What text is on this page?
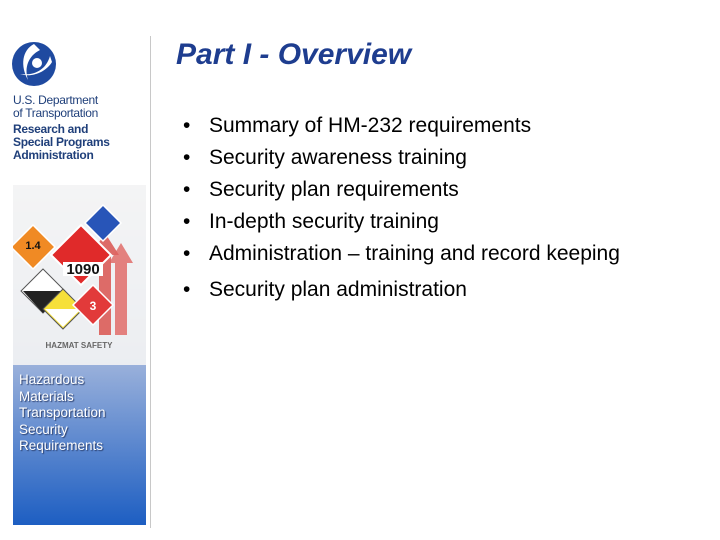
U.S. Department
of Transportation
Research and
Special Programs
Administration
1.4
1090
3
HAZMAT SAFETY
Hazardous
Materials
Transportation
Security
Requirements
Part I - Overview
• Summary of HM-232 requirements
• Security awareness training
• Security plan requirements
• In-depth security training
• Administration – training and record keeping
• Security plan administration
